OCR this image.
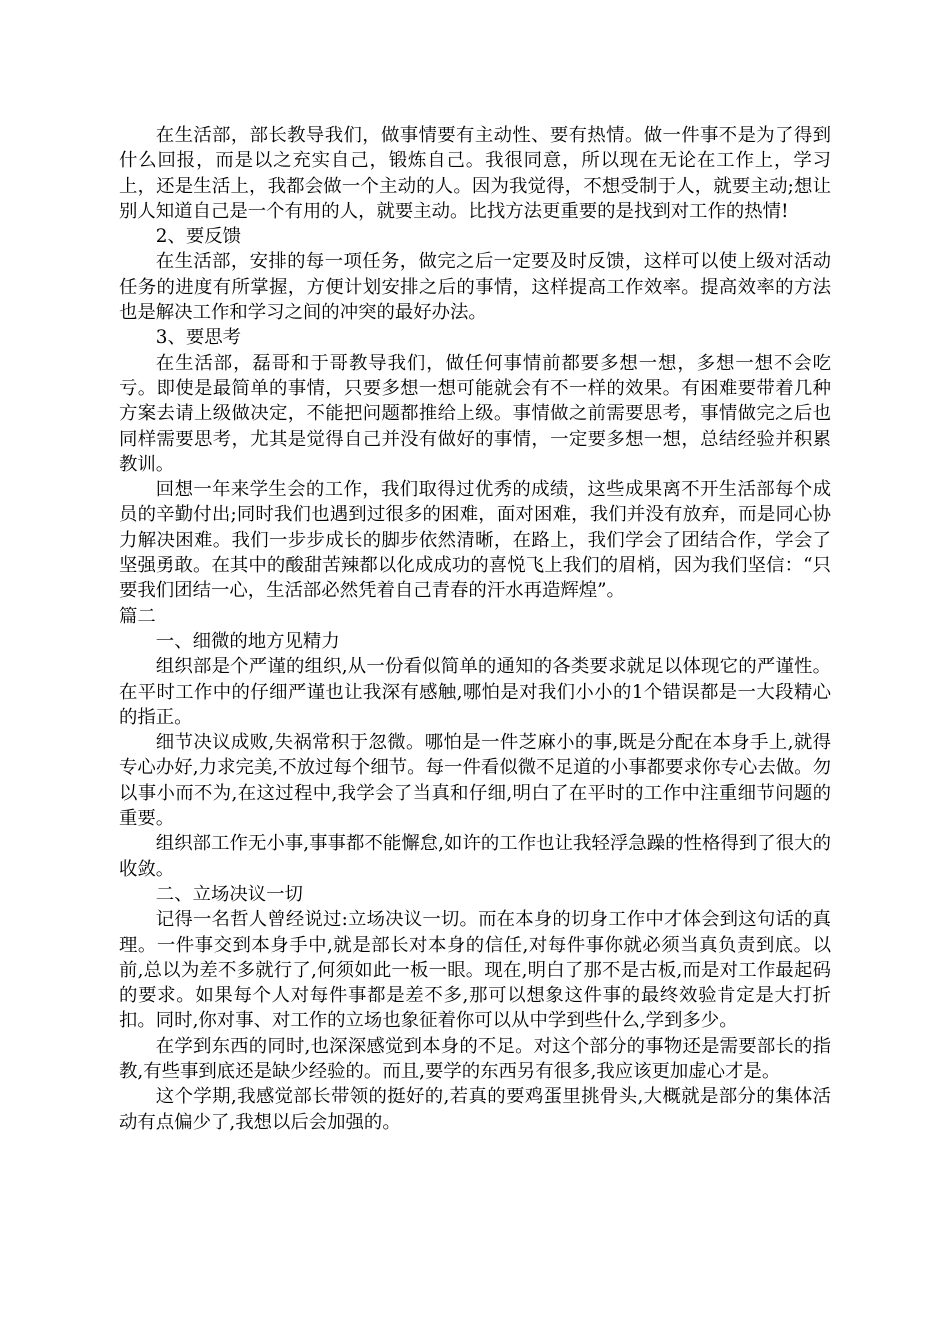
在生活部，部长教导我们，做事情要有主动性、要有热情。做一件事不是为了得到什么回报，而是以之充实自己，锻炼自己。我很同意，所以现在无论在工作上，学习上，还是生活上，我都会做一个主动的人。因为我觉得，不想受制于人，就要主动;想让别人知道自己是一个有用的人，就要主动。比找方法更重要的是找到对工作的热情!

2、要反馈

在生活部，安排的每一项任务，做完之后一定要及时反馈，这样可以使上级对活动任务的进度有所掌握，方便计划安排之后的事情，这样提高工作效率。提高效率的方法也是解决工作和学习之间的冲突的最好办法。

3、要思考

在生活部，磊哥和于哥教导我们，做任何事情前都要多想一想，多想一想不会吃亏。即使是最简单的事情，只要多想一想可能就会有不一样的效果。有困难要带着几种方案去请上级做决定，不能把问题都推给上级。事情做之前需要思考，事情做完之后也同样需要思考，尤其是觉得自己并没有做好的事情，一定要多想一想，总结经验并积累教训。

回想一年来学生会的工作，我们取得过优秀的成绩，这些成果离不开生活部每个成员的辛勤付出;同时我们也遇到过很多的困难，面对困难，我们并没有放弃，而是同心协力解决困难。我们一步步成长的脚步依然清晰，在路上，我们学会了团结合作，学会了坚强勇敢。在其中的酸甜苦辣都以化成成功的喜悦飞上我们的眉梢，因为我们坚信：“只要我们团结一心，生活部必然凭着自己青春的汗水再造辉煌”。

篇二

一、细微的地方见精力

组织部是个严谨的组织,从一份看似简单的通知的各类要求就足以体现它的严谨性。在平时工作中的仔细严谨也让我深有感触,哪怕是对我们小小的1个错误都是一大段精心的指正。

细节决议成败,失祸常积于忽微。哪怕是一件芝麻小的事,既是分配在本身手上,就得专心办好,力求完美,不放过每个细节。每一件看似微不足道的小事都要求你专心去做。勿以事小而不为,在这过程中,我学会了当真和仔细,明白了在平时的工作中注重细节问题的重要。

组织部工作无小事,事事都不能懈怠,如许的工作也让我轻浮急躁的性格得到了很大的收敛。

二、立场决议一切

记得一名哲人曾经说过:立场决议一切。而在本身的切身工作中才体会到这句话的真理。一件事交到本身手中,就是部长对本身的信任,对每件事你就必须当真负责到底。以前,总以为差不多就行了,何须如此一板一眼。现在,明白了那不是古板,而是对工作最起码的要求。如果每个人对每件事都是差不多,那可以想象这件事的最终效验肯定是大打折扣。同时,你对事、对工作的立场也象征着你可以从中学到些什么,学到多少。

在学到东西的同时,也深深感觉到本身的不足。对这个部分的事物还是需要部长的指教,有些事到底还是缺少经验的。而且,要学的东西另有很多,我应该更加虚心才是。

这个学期,我感觉部长带领的挺好的,若真的要鸡蛋里挑骨头,大概就是部分的集体活动有点偏少了,我想以后会加强的。
